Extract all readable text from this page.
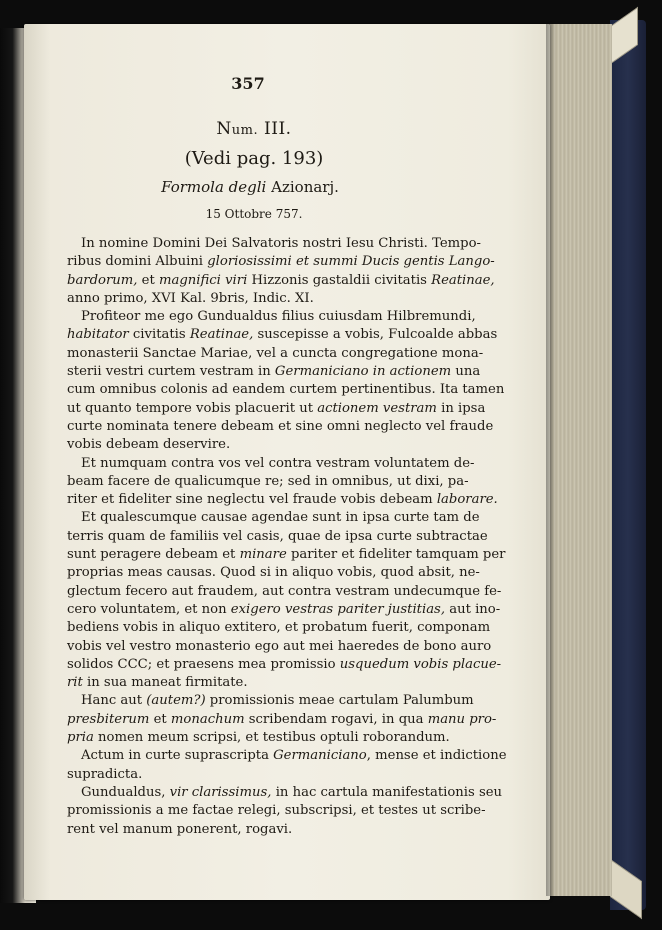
357
Num. III.
(Vedi pag. 193)
Formola degli Azionarj.
15 Ottobre 757.
In nomine Domini Dei Salvatoris nostri Iesu Christi. Tempo-
ribus domini Albuini gloriosissimi et summi Ducis gentis Lango-
bardorum, et magnifici viri Hizzonis gastaldii civitatis Reatinae,
anno primo, XVI Kal. 9bris, Indic. XI.
Profiteor me ego Gundualdus filius cuiusdam Hilbremundi,
habitator civitatis Reatinae, suscepisse a vobis, Fulcoalde abbas
monasterii Sanctae Mariae, vel a cuncta congregatione mona-
sterii vestri curtem vestram in Germaniciano in actionem una
cum omnibus colonis ad eandem curtem pertinentibus. Ita tamen
ut quanto tempore vobis placuerit ut actionem vestram in ipsa
curte nominata tenere debeam et sine omni neglecto vel fraude
vobis debeam deservire.
Et numquam contra vos vel contra vestram voluntatem de-
beam facere de qualicumque re; sed in omnibus, ut dixi, pa-
riter et fideliter sine neglectu vel fraude vobis debeam laborare.
Et qualescumque causae agendae sunt in ipsa curte tam de
terris quam de familiis vel casis, quae de ipsa curte subtractae
sunt peragere debeam et minare pariter et fideliter tamquam per
proprias meas causas. Quod si in aliquo vobis, quod absit, ne-
glectum fecero aut fraudem, aut contra vestram undecumque fe-
cero voluntatem, et non exigero vestras pariter justitias, aut ino-
bediens vobis in aliquo extitero, et probatum fuerit, componam
vobis vel vestro monasterio ego aut mei haeredes de bono auro
solidos CCC; et praesens mea promissio usquedum vobis placue-
rit in sua maneat firmitate.
Hanc aut (autem?) promissionis meae cartulam Palumbum
presbiterum et monachum scribendam rogavi, in qua manu pro-
pria nomen meum scripsi, et testibus optuli roborandum.
Actum in curte suprascripta Germaniciano, mense et indictione
supradicta.
Gundualdus, vir clarissimus, in hac cartula manifestationis seu
promissionis a me factae relegi, subscripsi, et testes ut scribe-
rent vel manum ponerent, rogavi.
